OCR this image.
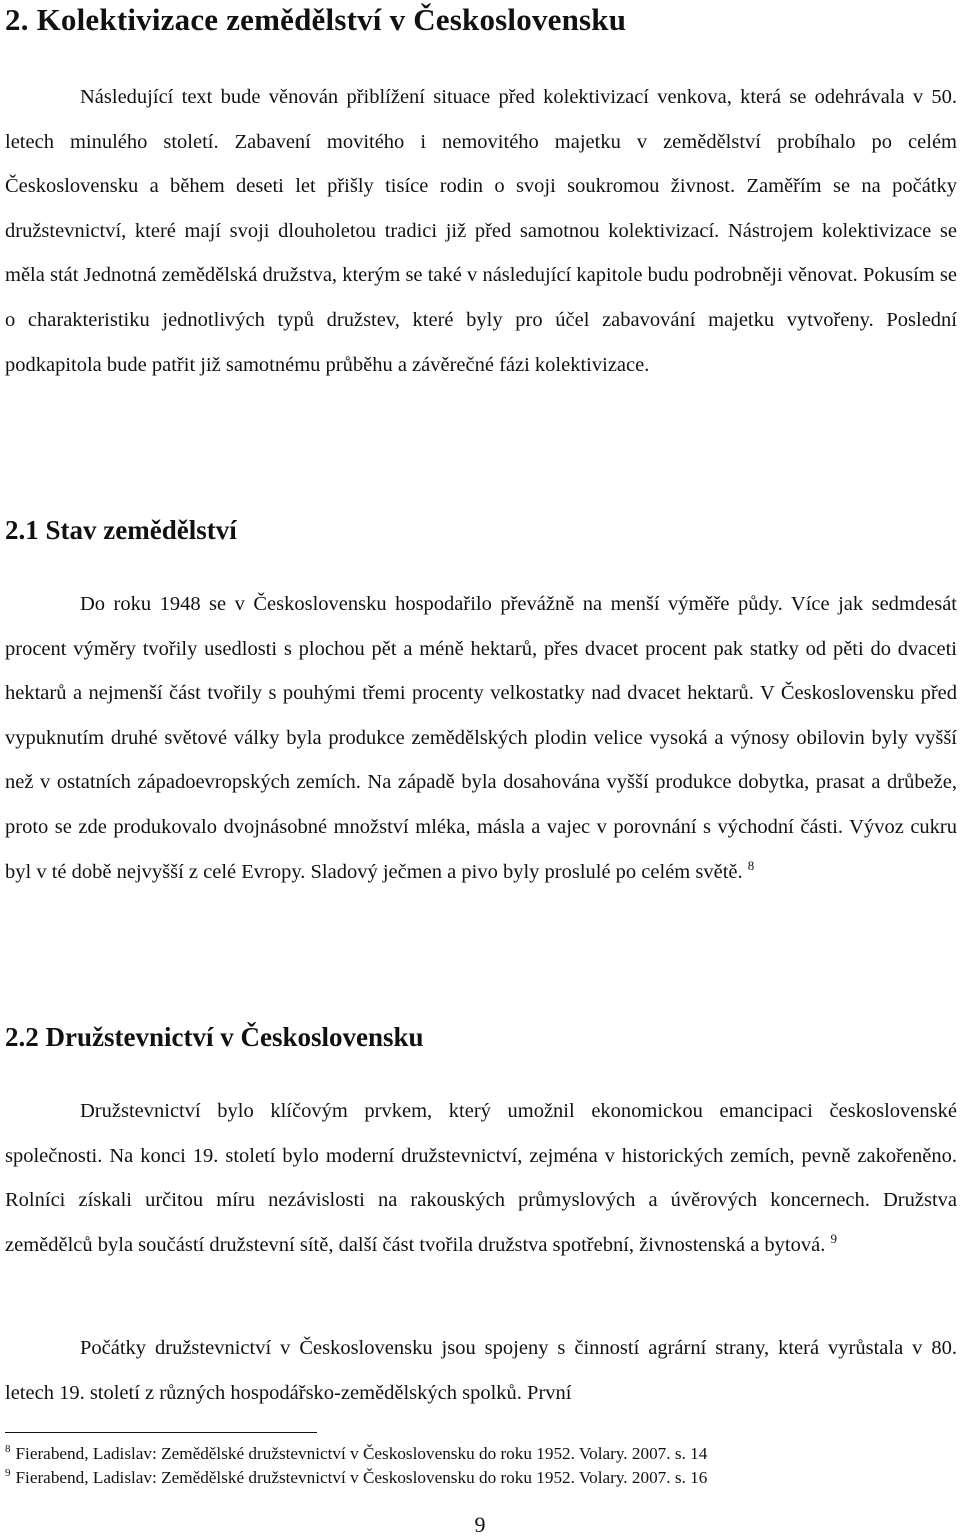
2. Kolektivizace zemědělství v Československu

Následující text bude věnován přiblížení situace před kolektivizací venkova, která se odehrávala v 50. letech minulého století. Zabavení movitého i nemovitého majetku v zemědělství probíhalo po celém Československu a během deseti let přišly tisíce rodin o svoji soukromou živnost. Zaměřím se na počátky družstevnictví, které mají svoji dlouholetou tradici již před samotnou kolektivizací. Nástrojem kolektivizace se měla stát Jednotná zemědělská družstva, kterým se také v následující kapitole budu podrobněji věnovat. Pokusím se o charakteristiku jednotlivých typů družstev, které byly pro účel zabavování majetku vytvořeny. Poslední podkapitola bude patřit již samotnému průběhu a závěrečné fázi kolektivizace.

2.1 Stav zemědělství

Do roku 1948 se v Československu hospodařilo převážně na menší výměře půdy. Více jak sedmdesát procent výměry tvořily usedlosti s plochou pět a méně hektarů, přes dvacet procent pak statky od pěti do dvaceti hektarů a nejmenší část tvořily s pouhými třemi procenty velkostatky nad dvacet hektarů. V Československu před vypuknutím druhé světové války byla produkce zemědělských plodin velice vysoká a výnosy obilovin byly vyšší než v ostatních západoevropských zemích. Na západě byla dosahována vyšší produkce dobytka, prasat a drůbeže, proto se zde produkovalo dvojnásobné množství mléka, másla a vajec v porovnání s východní části. Vývoz cukru byl v té době nejvyšší z celé Evropy. Sladový ječmen a pivo byly proslulé po celém světě. $^8$

2.2 Družstevnictví v Československu

Družstevnictví bylo klíčovým prvkem, který umožnil ekonomickou emancipaci československé společnosti. Na konci 19. století bylo moderní družstevnictví, zejména v historických zemích, pevně zakořeněno. Rolníci získali určitou míru nezávislosti na rakouských průmyslových a úvěrových koncernech. Družstva zemědělců byla součástí družstevní sítě, další část tvořila družstva spotřební, živnostenská a bytová. $^9$

Počátky družstevnictví v Československu jsou spojeny s činností agrární strany, která vyrůstala v 80. letech 19. století z různých hospodářsko-zemědělských spolků. První

$^8$ Fierabend, Ladislav: Zemědělské družstevnictví v Československu do roku 1952. Volary. 2007. s. 14
$^9$ Fierabend, Ladislav: Zemědělské družstevnictví v Československu do roku 1952. Volary. 2007. s. 16
9
